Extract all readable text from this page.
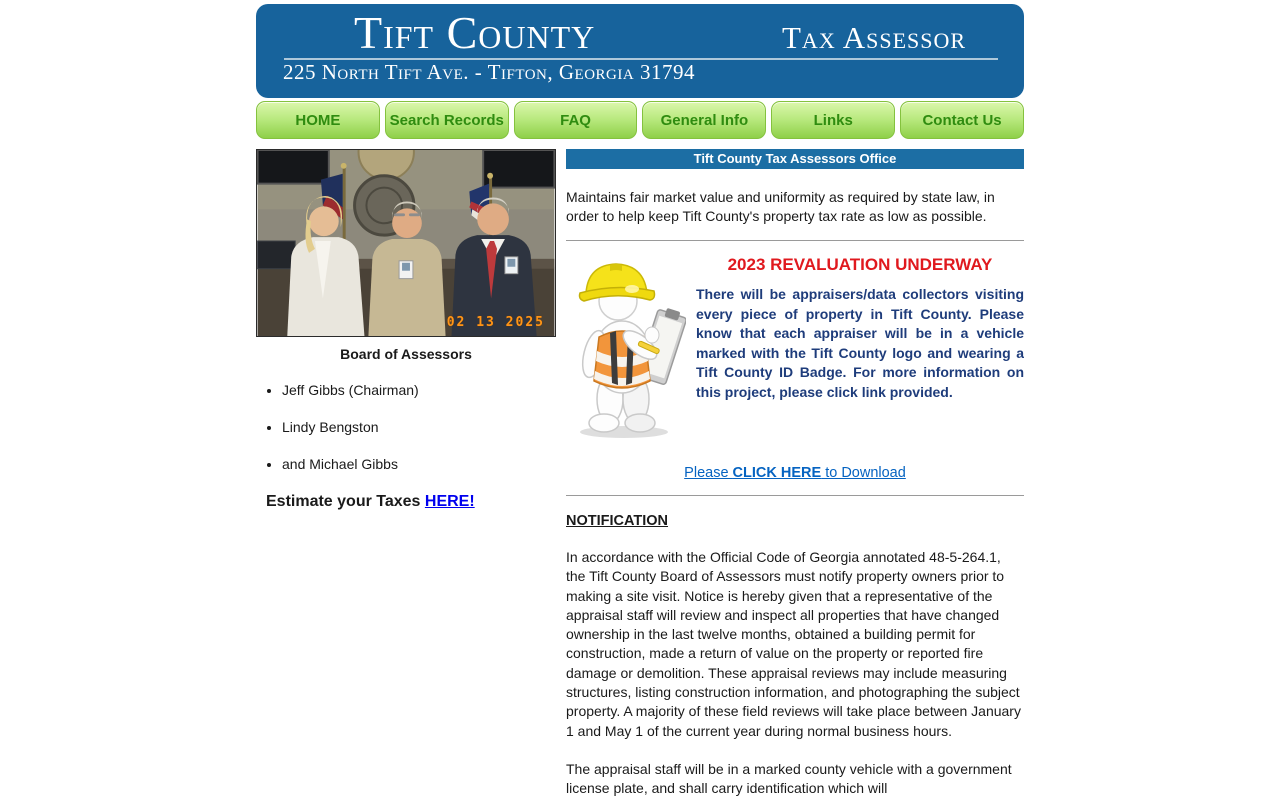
Tift County	Tax Assessor
225 North Tift Ave. - Tifton, Georgia 31794
HOME	Search Records	FAQ	General Info	Links	Contact Us
02 13 2025
Board of Assessors
• Jeff Gibbs (Chairman)
• Lindy Bengston
• and Michael Gibbs
Estimate your Taxes HERE!
Tift County Tax Assessors Office

Maintains fair market value and uniformity as required by state law, in order to help keep Tift County's property tax rate as low as possible.

2023 REVALUATION UNDERWAY

There will be appraisers/data collectors visiting every piece of property in Tift County. Please know that each appraiser will be in a vehicle marked with the Tift County logo and wearing a Tift County ID Badge. For more information on this project, please click link provided.

Please CLICK HERE to Download
NOTIFICATION

In accordance with the Official Code of Georgia annotated 48-5-264.1, the Tift County Board of Assessors must notify property owners prior to making a site visit. Notice is hereby given that a representative of the appraisal staff will review and inspect all properties that have changed ownership in the last twelve months, obtained a building permit for construction, made a return of value on the property or reported fire damage or demolition. These appraisal reviews may include measuring structures, listing construction information, and photographing the subject property. A majority of these field reviews will take place between January 1 and May 1 of the current year during normal business hours.

The appraisal staff will be in a marked county vehicle with a government license plate, and shall carry identification which will
